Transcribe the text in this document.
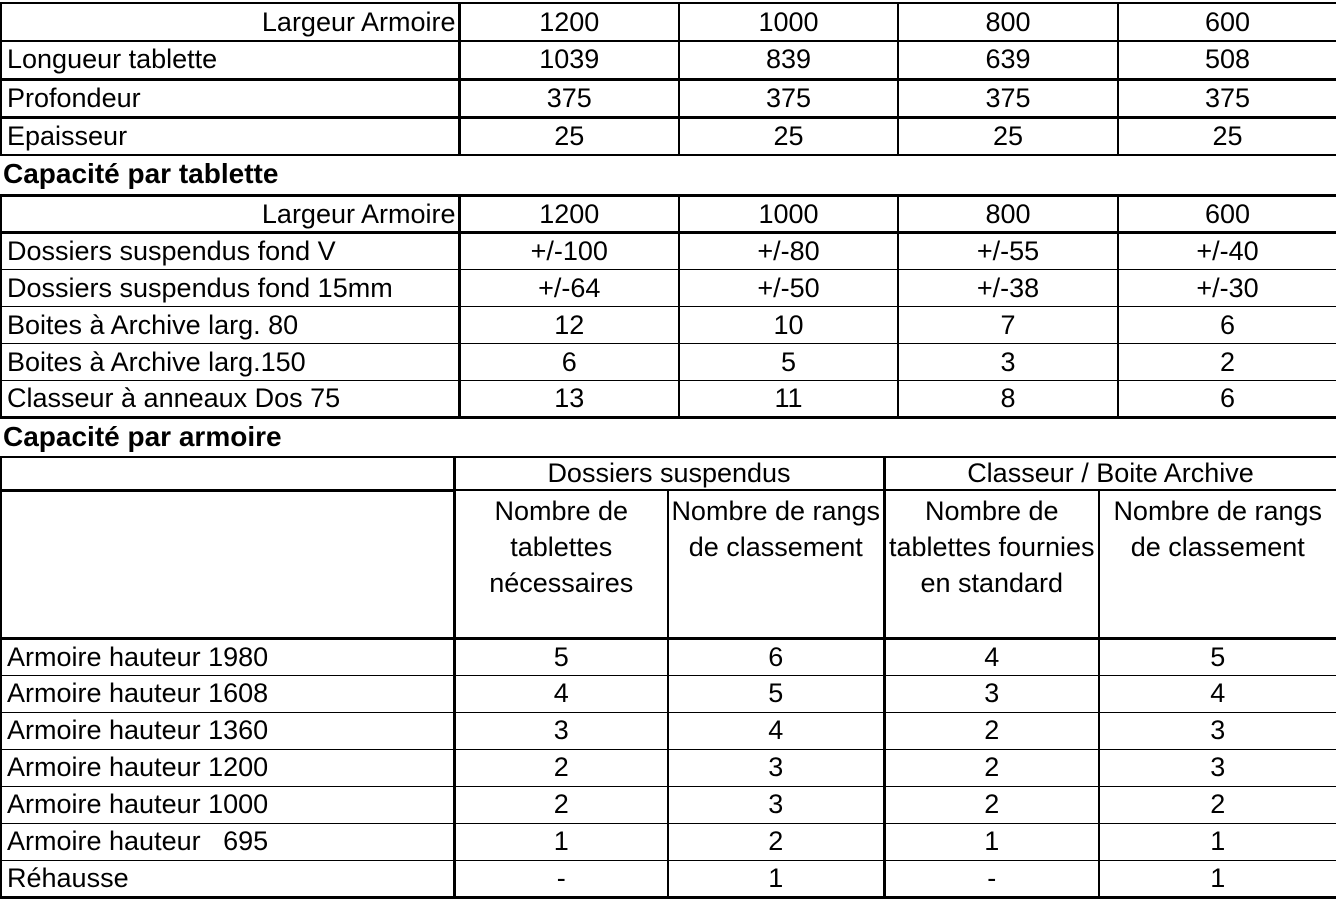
Largeur Armoire	1200	1000	800	600
Longueur tablette	1039	839	639	508
Profondeur	375	375	375	375
Epaisseur	25	25	25	25
Capacité par tablette
Largeur Armoire	1200	1000	800	600
Dossiers suspendus fond V	+/-100	+/-80	+/-55	+/-40
Dossiers suspendus fond 15mm	+/-64	+/-50	+/-38	+/-30
Boites à Archive larg. 80	12	10	7	6
Boites à Archive larg.150	6	5	3	2
Classeur à anneaux Dos 75	13	11	8	6
Capacité par armoire
	Dossiers suspendus		Classeur / Boite Archive	
	Nombre de tablettes nécessaires	Nombre de rangs de classement	Nombre de tablettes fournies en standard	Nombre de rangs de classement
Armoire hauteur 1980	5	6	4	5
Armoire hauteur 1608	4	5	3	4
Armoire hauteur 1360	3	4	2	3
Armoire hauteur 1200	2	3	2	3
Armoire hauteur 1000	2	3	2	2
Armoire hauteur   695	1	2	1	1
Réhausse	-	1	-	1
